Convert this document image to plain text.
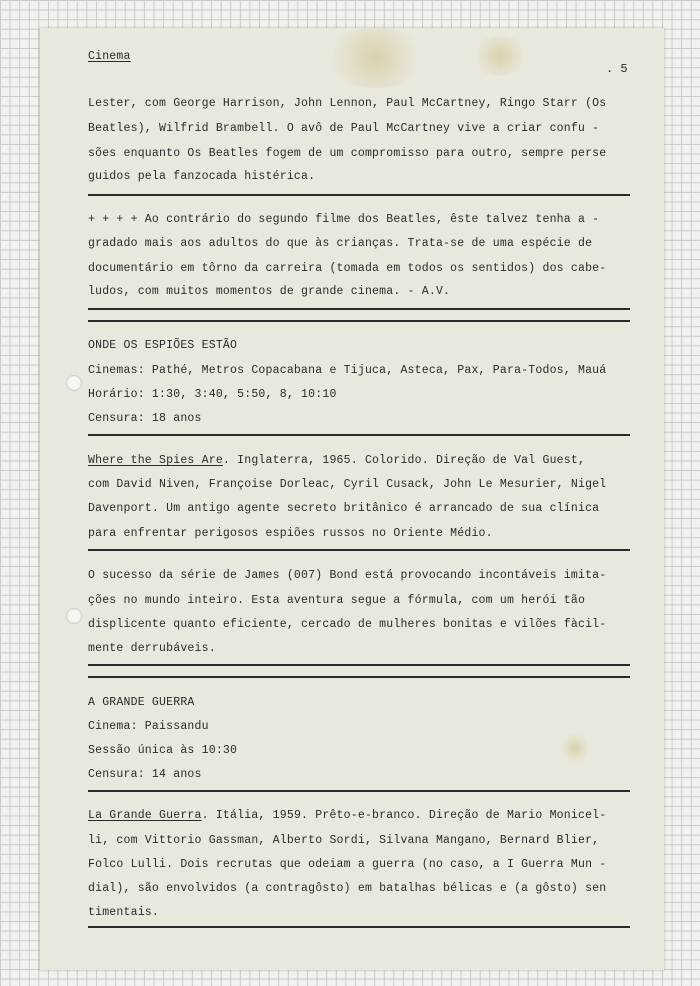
Cinema

. 5

Lester, com George Harrison, John Lennon, Paul McCartney, Ringo Starr (Os

Beatles), Wilfrid Brambell. O avô de Paul McCartney vive a criar confu -

sões enquanto Os Beatles fogem de um compromisso para outro, sempre perse

guidos pela fanzocada histérica.

+ + + + Ao contrário do segundo filme dos Beatles, êste talvez tenha a -

gradado mais aos adultos do que às crianças. Trata-se de uma espécie de

documentário em tôrno da carreira (tomada em todos os sentidos) dos cabe-

ludos, com muitos momentos de grande cinema. - A.V.

ONDE OS ESPIÕES ESTÃO

Cinemas: Pathé, Metros Copacabana e Tijuca, Asteca, Pax, Para-Todos, Mauá

Horário: 1:30, 3:40, 5:50, 8, 10:10

Censura: 18 anos

Where the Spies Are. Inglaterra, 1965. Colorido. Direção de Val Guest,

com David Niven, Françoise Dorleac, Cyril Cusack, John Le Mesurier, Nigel

Davenport. Um antigo agente secreto britânico é arrancado de sua clínica

para enfrentar perigosos espiões russos no Oriente Médio.

O sucesso da série de James (007) Bond está provocando incontáveis imita-

ções no mundo inteiro. Esta aventura segue a fórmula, com um herói tão

displicente quanto eficiente, cercado de mulheres bonitas e vilões fàcil-

mente derrubáveis.

A GRANDE GUERRA

Cinema: Paissandu

Sessão única às 10:30

Censura: 14 anos

La Grande Guerra. Itália, 1959. Prêto-e-branco. Direção de Mario Monicel-

li, com Vittorio Gassman, Alberto Sordi, Silvana Mangano, Bernard Blier,

Folco Lulli. Dois recrutas que odeiam a guerra (no caso, a I Guerra Mun -

dial), são envolvidos (a contragôsto) em batalhas bélicas e (a gôsto) sen

timentais.
